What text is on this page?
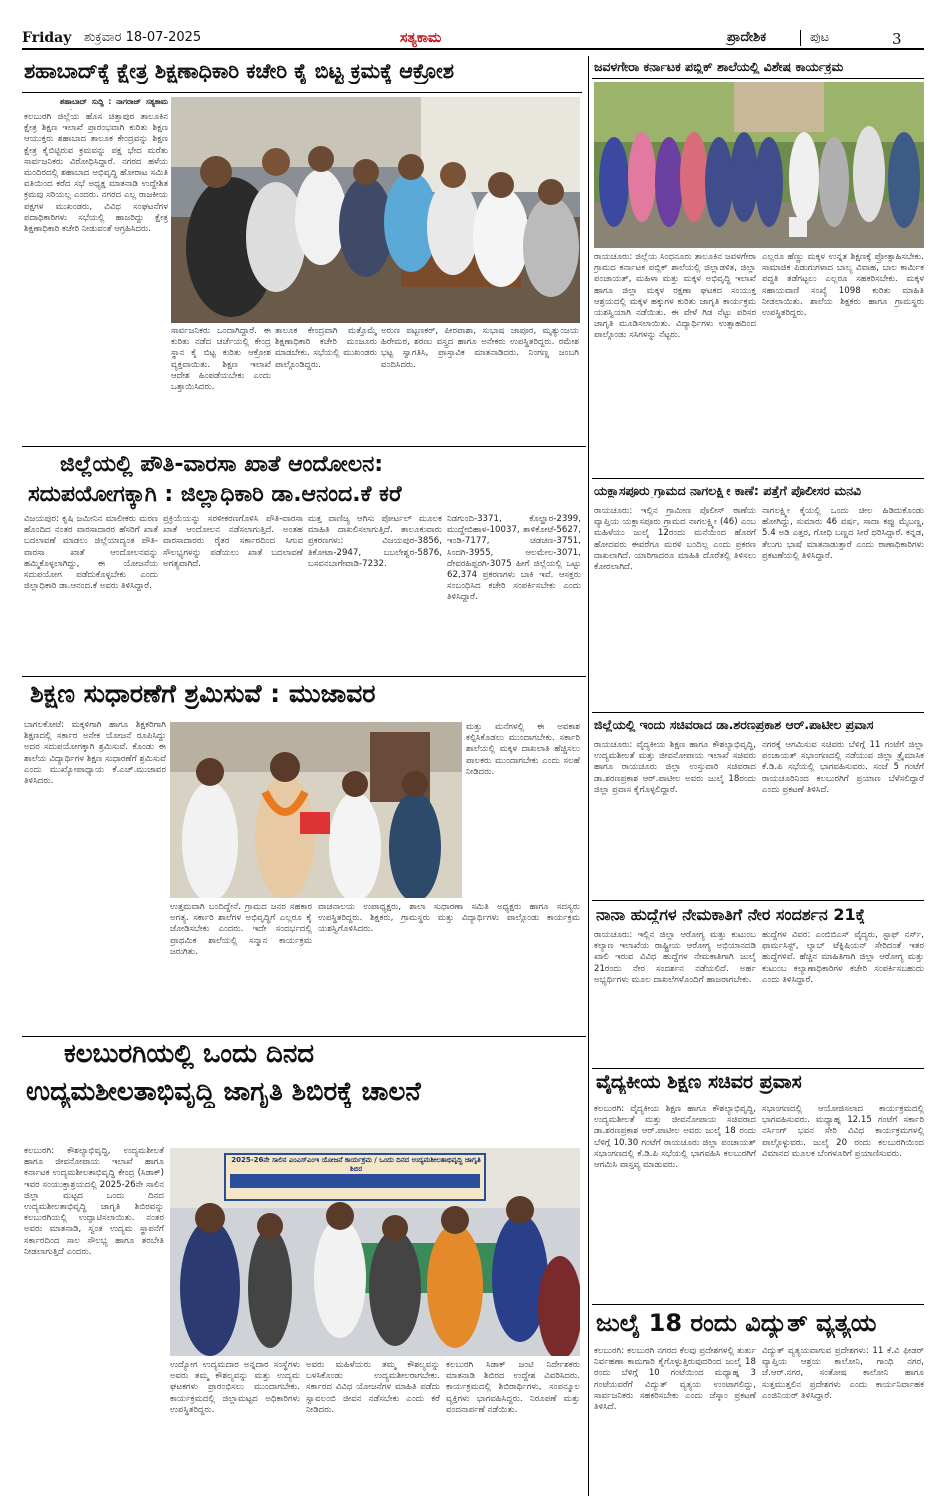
Friday ಶುಕ್ರವಾರ 18-07-2025	ಸತ್ಯಕಾಮ	ಪ್ರಾದೇಶಿಕ	ಪುಟ	3
ಶಹಾಬಾದ್‌ಕ್ಕೆ ಕ್ಷೇತ್ರ ಶಿಕ್ಷಣಾಧಿಕಾರಿ ಕಚೇರಿ ಕೈ ಬಿಟ್ಟ ಕ್ರಮಕ್ಕೆ ಆಕ್ರೋಶ
ಶಹಾಬಾದ್ ಸುದ್ದಿ : ನಾಗರಾಜ್ ಸತ್ಯಕಾಮ
ಕಲಬುರಗಿ ಜಿಲ್ಲೆಯ ಹೊಸ ಚಿತ್ತಾಪುರ ತಾಲೂಕಿನ ಕ್ಷೇತ್ರ ಶಿಕ್ಷಣ ಇಲಾಖೆ ಪ್ರಾರಂಭವಾಗಿ ಕುರಿತು ಶಿಕ್ಷಣ ಆಯುಕ್ತರು ಶಹಾಬಾದ ತಾಲೂಕ ಕೇಂದ್ರವನ್ನು ಶಿಕ್ಷಣ ಕ್ಷೇತ್ರ ಕೈಬಿಟ್ಟಿರುವ ಕ್ರಮವನ್ನು ಪಕ್ಷ ಭೇದ ಮರೆತು ಸಾರ್ವಜನಿಕರು ವಿರೋಧಿಸಿದ್ದಾರೆ. ನಗರದ ಹಳೆಯ ಮಂದಿರದಲ್ಲಿ ಶಹಾಬಾದ ಅಭಿವೃದ್ಧಿ ಹೋರಾಟ ಸಮಿತಿ ವತಿಯಿಂದ ಕರೆದ ಸಭೆ ಅಧ್ಯಕ್ಷ ಮಾತನಾಡಿ ಉದ್ದೇಶಿತ ಕ್ರಮವು ಸರಿಯಲ್ಲ ಎಂದರು. ನಗರದ ಎಲ್ಲ ರಾಜಕೀಯ ಪಕ್ಷಗಳ ಮುಖಂಡರು, ವಿವಿಧ ಸಂಘಟನೆಗಳ ಪದಾಧಿಕಾರಿಗಳು ಸಭೆಯಲ್ಲಿ ಹಾಜರಿದ್ದು ಕ್ಷೇತ್ರ ಶಿಕ್ಷಣಾಧಿಕಾರಿ ಕಚೇರಿ ನೀಡುವಂತೆ ಆಗ್ರಹಿಸಿದರು.
ಸಾರ್ವಜನಿಕರು ಒಂದಾಗಿದ್ದಾರೆ. ಈ ಕುರಿತು ನಡೆದ ಚರ್ಚೆಯಲ್ಲಿ ಕೇಂದ್ರ ಸ್ಥಾನ ಕೈ ಬಿಟ್ಟ ಕುರಿತು ಆಕ್ರೋಶ ವ್ಯಕ್ತವಾಯಿತು. ಶಿಕ್ಷಣ ಇಲಾಖೆ ಆದೇಶ ಹಿಂಪಡೆಯಬೇಕು ಎಂದು ಒತ್ತಾಯಿಸಿದರು.
ತಾಲೂಕ ಕೇಂದ್ರವಾಗಿ ಮತ್ತೊಮ್ಮೆ ಶಿಕ್ಷಣಾಧಿಕಾರಿ ಕಚೇರಿ ಮಂಜೂರು ಮಾಡಬೇಕು. ಸಭೆಯಲ್ಲಿ ಮುಖಂಡರು ಪಾಲ್ಗೊಂಡಿದ್ದರು.
ಅರುಣ ಪಟ್ಟಣಕರ್, ಪೀರಪಾಶಾ, ಸುಭಾಷ ಜಾಪೂರ, ಮೃತ್ಯುಂಜಯ ಹಿರೇಮಠ, ಶರಣು ವಸ್ತ್ರದ ಹಾಗೂ ಅನೇಕರು ಉಪಸ್ಥಿತರಿದ್ದರು. ರಮೇಶ ಭಟ್ಟ ಸ್ವಾಗತಿಸಿ, ಪ್ರಾಸ್ತಾವಿಕ ಮಾತನಾಡಿದರು. ನಿಂಗಣ್ಣ ಜಂಬಗಿ ವಂದಿಸಿದರು.
ಜವಳಗೇರಾ ಕರ್ನಾಟಕ ಪಬ್ಲಿಕ್ ಶಾಲೆಯಲ್ಲಿ ವಿಶೇಷ ಕಾರ್ಯಕ್ರಮ
ರಾಯಚೂರು: ಜಿಲ್ಲೆಯ ಸಿಂಧನೂರು ತಾಲೂಕಿನ ಜವಳಗೇರಾ ಗ್ರಾಮದ ಕರ್ನಾಟಕ ಪಬ್ಲಿಕ್ ಶಾಲೆಯಲ್ಲಿ ಜಿಲ್ಲಾಡಳಿತ, ಜಿಲ್ಲಾ ಪಂಚಾಯತ್, ಮಹಿಳಾ ಮತ್ತು ಮಕ್ಕಳ ಅಭಿವೃದ್ಧಿ ಇಲಾಖೆ ಹಾಗೂ ಜಿಲ್ಲಾ ಮಕ್ಕಳ ರಕ್ಷಣಾ ಘಟಕದ ಸಂಯುಕ್ತ ಆಶ್ರಯದಲ್ಲಿ ಮಕ್ಕಳ ಹಕ್ಕುಗಳ ಕುರಿತು ಜಾಗೃತಿ ಕಾರ್ಯಕ್ರಮ ಯಶಸ್ವಿಯಾಗಿ ನಡೆಯಿತು. ಈ ವೇಳೆ ಗಿಡ ನೆಟ್ಟು ಪರಿಸರ ಜಾಗೃತಿ ಮೂಡಿಸಲಾಯಿತು. ವಿದ್ಯಾರ್ಥಿಗಳು ಉತ್ಸಾಹದಿಂದ ಪಾಲ್ಗೊಂಡು ಸಸಿಗಳನ್ನು ನೆಟ್ಟರು.
ಎಲ್ಲರೂ ಹೆಣ್ಣು ಮಕ್ಕಳ ಉನ್ನತ ಶಿಕ್ಷಣಕ್ಕೆ ಪ್ರೋತ್ಸಾಹಿಸಬೇಕು. ಸಾಮಾಜಿಕ ಪಿಡುಗುಗಳಾದ ಬಾಲ್ಯ ವಿವಾಹ, ಬಾಲ ಕಾರ್ಮಿಕ ಪದ್ಧತಿ ತಡೆಗಟ್ಟಲು ಎಲ್ಲರೂ ಸಹಕರಿಸಬೇಕು. ಮಕ್ಕಳ ಸಹಾಯವಾಣಿ ಸಂಖ್ಯೆ 1098 ಕುರಿತು ಮಾಹಿತಿ ನೀಡಲಾಯಿತು. ಶಾಲೆಯ ಶಿಕ್ಷಕರು ಹಾಗೂ ಗ್ರಾಮಸ್ಥರು ಉಪಸ್ಥಿತರಿದ್ದರು.
ಜಿಲ್ಲೆಯಲ್ಲಿ ಪೌತಿ-ವಾರಸಾ ಖಾತೆ ಆಂದೋಲನ:
ಸದುಪಯೋಗಕ್ಕಾಗಿ : ಜಿಲ್ಲಾಧಿಕಾರಿ ಡಾ.ಆನಂದ.ಕೆ ಕರೆ
ವಿಜಯಪುರ: ಕೃಷಿ ಜಮೀನಿನ ಮಾಲೀಕರು ಮರಣ ಹೊಂದಿದ ನಂತರ ವಾರಸಾದಾರರ ಹೆಸರಿಗೆ ಖಾತೆ ಬದಲಾವಣೆ ಮಾಡಲು ಜಿಲ್ಲೆಯಾದ್ಯಂತ ಪೌತಿ-ವಾರಸಾ ಖಾತೆ ಆಂದೋಲನವನ್ನು ಹಮ್ಮಿಕೊಳ್ಳಲಾಗಿದ್ದು, ಈ ಯೋಜನೆಯ ಸದುಪಯೋಗ ಪಡೆದುಕೊಳ್ಳಬೇಕು ಎಂದು ಜಿಲ್ಲಾಧಿಕಾರಿ ಡಾ.ಆನಂದ.ಕೆ ಅವರು ತಿಳಿಸಿದ್ದಾರೆ.
ಪ್ರಕ್ರಿಯೆಯನ್ನು ಸರಳೀಕರಣಗೊಳಿಸಿ ಪೌತಿ-ವಾರಸಾ ಖಾತೆ ಆಂದೋಲನ ನಡೆಸಲಾಗುತ್ತಿದೆ. ಅಂತಹ ವಾರಸಾದಾರರು ರೈತರ ಸರ್ಕಾರದಿಂದ ಸಿಗುವ ಸೌಲಭ್ಯಗಳನ್ನು ಪಡೆಯಲು ಖಾತೆ ಬದಲಾವಣೆ ಅಗತ್ಯವಾಗಿದೆ.
ಮತ್ತ ವಾಣಿಜ್ಯ ಆಗಿಸು ಪೋರ್ಟಲ್ ಮೂಲಕ ಮಾಹಿತಿ ದಾಖಲಿಸಲಾಗುತ್ತಿದೆ. ತಾಲೂಕುವಾರು ಪ್ರಕರಣಗಳು: ವಿಜಯಪುರ-3856, ತಿಕೋಟಾ-2947, ಬಬಲೇಶ್ವರ-5876, ಬಸವನಬಾಗೇವಾಡಿ-7232.
ನಿಡಗುಂದಿ-3371, ಕೊಲ್ಹಾರ-2399, ಮುದ್ದೇಬಿಹಾಳ-10037, ತಾಳಿಕೋಟೆ-5627, ಇಂಡಿ-7177, ಚಡಚಣ-3751, ಸಿಂದಗಿ-3955, ಆಲಮೇಲ-3071, ದೇವರಹಿಪ್ಪರಗಿ-3075 ಹೀಗೆ ಜಿಲ್ಲೆಯಲ್ಲಿ ಒಟ್ಟು 62,374 ಪ್ರಕರಣಗಳು ಬಾಕಿ ಇವೆ. ಆಸಕ್ತರು ಸಂಬಂಧಿಸಿದ ಕಚೇರಿ ಸಂಪರ್ಕಿಸಬೇಕು ಎಂದು ತಿಳಿಸಿದ್ದಾರೆ.
ಯಕ್ಲಾಸಪೂರು ಗ್ರಾಮದ ನಾಗಲಕ್ಷ್ಮೀ ಕಾಣೆ: ಪತ್ತೆಗೆ ಪೊಲೀಸರ ಮನವಿ
ರಾಯಚೂರು: ಇಲ್ಲಿನ ಗ್ರಾಮೀಣ ಪೊಲೀಸ್ ಠಾಣೆಯ ವ್ಯಾಪ್ತಿಯ ಯಕ್ಲಾಸಪೂರು ಗ್ರಾಮದ ನಾಗಲಕ್ಷ್ಮೀ (46) ಎಂಬ ಮಹಿಳೆಯು ಜುಲೈ 12ರಂದು ಮನೆಯಿಂದ ಹೊರಗೆ ಹೋದವರು ಈವರೆಗೂ ಮರಳಿ ಬಂದಿಲ್ಲ ಎಂದು ಪ್ರಕರಣ ದಾಖಲಾಗಿದೆ. ಯಾರಿಗಾದರೂ ಮಾಹಿತಿ ದೊರೆತಲ್ಲಿ ತಿಳಿಸಲು ಕೋರಲಾಗಿದೆ.
ನಾಗಲಕ್ಷ್ಮೀ ಕೈಯಲ್ಲಿ ಒಂದು ಚೀಲ ಹಿಡಿದುಕೊಂಡು ಹೋಗಿದ್ದು, ಸುಮಾರು 46 ವರ್ಷ, ಸಾದಾ ಕಪ್ಪು ಮೈಬಣ್ಣ, 5.4 ಅಡಿ ಎತ್ತರ, ಗೋಧಿ ಬಣ್ಣದ ಸೀರೆ ಧರಿಸಿದ್ದಾರೆ. ಕನ್ನಡ, ತೆಲುಗು ಭಾಷೆ ಮಾತನಾಡುತ್ತಾರೆ ಎಂದು ಠಾಣಾಧಿಕಾರಿಗಳು ಪ್ರಕಟಣೆಯಲ್ಲಿ ತಿಳಿಸಿದ್ದಾರೆ.
ಶಿಕ್ಷಣ ಸುಧಾರಣೆಗೆ ಶ್ರಮಿಸುವೆ : ಮುಜಾವರ
ಬಾಗಲಕೋಟೆ: ಮಕ್ಕಳಿಗಾಗಿ ಹಾಗೂ ಶಿಕ್ಷಕರಿಗಾಗಿ ಶಿಕ್ಷಣದಲ್ಲಿ ಸರ್ಕಾರ ಅನೇಕ ಯೋಜನೆ ರೂಪಿಸಿದ್ದು ಅದರ ಸದುಪಯೋಗಕ್ಕಾಗಿ ಶ್ರಮಿಸುವೆ. ಕೊಂಡು ಈ ಶಾಲೆಯ ವಿದ್ಯಾರ್ಥಿಗಳ ಶಿಕ್ಷಣ ಸುಧಾರಣೆಗೆ ಶ್ರಮಿಸುವೆ ಎಂದು ಮುಖ್ಯೋಪಾಧ್ಯಾಯ ಕೆ.ಎಚ್.ಮುಜಾವರ ತಿಳಿಸಿದರು.
ಮತ್ತು ಮನೆಗಳಲ್ಲಿ ಈ ಅವಕಾಶ ಕಲ್ಪಿಸಿಕೊಡಲು ಮುಂದಾಗಬೇಕು. ಸರ್ಕಾರಿ ಶಾಲೆಯಲ್ಲಿ ಮಕ್ಕಳ ದಾಖಲಾತಿ ಹೆಚ್ಚಿಸಲು ಪಾಲಕರು ಮುಂದಾಗಬೇಕು ಎಂದು ಸಲಹೆ ನೀಡಿದರು.
ಉತ್ತಮವಾಗಿ ಬಂದಿದ್ದೇನೆ. ಗ್ರಾಮದ ಜನರ ಸಹಕಾರ ಅಗತ್ಯ. ಸರ್ಕಾರಿ ಶಾಲೆಗಳ ಅಭಿವೃದ್ಧಿಗೆ ಎಲ್ಲರೂ ಕೈ ಜೋಡಿಸಬೇಕು ಎಂದರು. ಇದೇ ಸಂದರ್ಭದಲ್ಲಿ ಪ್ರಾಥಮಿಕ ಶಾಲೆಯಲ್ಲಿ ಸನ್ಮಾನ ಕಾರ್ಯಕ್ರಮ ಜರುಗಿತು.
ವಾಚನಾಲಯ ಉಪಾಧ್ಯಕ್ಷರು, ಶಾಲಾ ಸುಧಾರಣಾ ಸಮಿತಿ ಅಧ್ಯಕ್ಷರು ಹಾಗೂ ಸದಸ್ಯರು ಉಪಸ್ಥಿತರಿದ್ದರು. ಶಿಕ್ಷಕರು, ಗ್ರಾಮಸ್ಥರು ಮತ್ತು ವಿದ್ಯಾರ್ಥಿಗಳು ಪಾಲ್ಗೊಂಡು ಕಾರ್ಯಕ್ರಮ ಯಶಸ್ವಿಗೊಳಿಸಿದರು.
ಜಿಲ್ಲೆಯಲ್ಲಿ ಇಂದು ಸಚಿವರಾದ ಡಾ.ಶರಣಪ್ರಕಾಶ ಆರ್.ಪಾಟೀಲ ಪ್ರವಾಸ
ರಾಯಚೂರು: ವೈದ್ಯಕೀಯ ಶಿಕ್ಷಣ ಹಾಗೂ ಕೌಶಲ್ಯಾಭಿವೃದ್ಧಿ, ಉದ್ಯಮಶೀಲತೆ ಮತ್ತು ಜೀವನೋಪಾಯ ಇಲಾಖೆ ಸಚಿವರು ಹಾಗೂ ರಾಯಚೂರು ಜಿಲ್ಲಾ ಉಸ್ತುವಾರಿ ಸಚಿವರಾದ ಡಾ.ಶರಣಪ್ರಕಾಶ ಆರ್.ಪಾಟೀಲ ಅವರು ಜುಲೈ 18ರಂದು ಜಿಲ್ಲಾ ಪ್ರವಾಸ ಕೈಗೊಳ್ಳಲಿದ್ದಾರೆ.
ನಗರಕ್ಕೆ ಆಗಮಿಸುವ ಸಚಿವರು ಬೆಳಿಗ್ಗೆ 11 ಗಂಟೆಗೆ ಜಿಲ್ಲಾ ಪಂಚಾಯತ್ ಸಭಾಂಗಣದಲ್ಲಿ ನಡೆಯುವ ಜಿಲ್ಲಾ ತ್ರೈಮಾಸಿಕ ಕೆ.ಡಿ.ಪಿ ಸಭೆಯಲ್ಲಿ ಭಾಗವಹಿಸುವರು. ಸಂಜೆ 5 ಗಂಟೆಗೆ ರಾಯಚೂರಿನಿಂದ ಕಲಬುರಗಿಗೆ ಪ್ರಯಾಣ ಬೆಳೆಸಲಿದ್ದಾರೆ ಎಂದು ಪ್ರಕಟಣೆ ತಿಳಿಸಿದೆ.
ನಾನಾ ಹುದ್ದೆಗಳ ನೇಮಕಾತಿಗೆ ನೇರ ಸಂದರ್ಶನ 21ಕ್ಕೆ
ರಾಯಚೂರು: ಇಲ್ಲಿನ ಜಿಲ್ಲಾ ಆರೋಗ್ಯ ಮತ್ತು ಕುಟುಂಬ ಕಲ್ಯಾಣ ಇಲಾಖೆಯ ರಾಷ್ಟ್ರೀಯ ಆರೋಗ್ಯ ಅಭಿಯಾನದಡಿ ಖಾಲಿ ಇರುವ ವಿವಿಧ ಹುದ್ದೆಗಳ ನೇಮಕಾತಿಗಾಗಿ ಜುಲೈ 21ರಂದು ನೇರ ಸಂದರ್ಶನ ನಡೆಯಲಿದೆ. ಅರ್ಹ ಅಭ್ಯರ್ಥಿಗಳು ಮೂಲ ದಾಖಲೆಗಳೊಂದಿಗೆ ಹಾಜರಾಗಬೇಕು.
ಹುದ್ದೆಗಳ ವಿವರ: ಎಂಬಿಬಿಎಸ್ ವೈದ್ಯರು, ಸ್ಟಾಫ್ ನರ್ಸ್, ಫಾರ್ಮಸಿಸ್ಟ್, ಲ್ಯಾಬ್ ಟೆಕ್ನಿಷಿಯನ್ ಸೇರಿದಂತೆ ಇತರ ಹುದ್ದೆಗಳಿವೆ. ಹೆಚ್ಚಿನ ಮಾಹಿತಿಗಾಗಿ ಜಿಲ್ಲಾ ಆರೋಗ್ಯ ಮತ್ತು ಕುಟುಂಬ ಕಲ್ಯಾಣಾಧಿಕಾರಿಗಳ ಕಚೇರಿ ಸಂಪರ್ಕಿಸಬಹುದು ಎಂದು ತಿಳಿಸಿದ್ದಾರೆ.
ಕಲಬುರಗಿಯಲ್ಲಿ ಒಂದು ದಿನದ
ಉದ್ಯಮಶೀಲತಾಭಿವೃದ್ಧಿ ಜಾಗೃತಿ ಶಿಬಿರಕ್ಕೆ ಚಾಲನೆ
ಕಲಬುರಗಿ: ಕೌಶಲ್ಯಾಭಿವೃದ್ಧಿ, ಉದ್ಯಮಶೀಲತೆ ಹಾಗೂ ಜೀವನೋಪಾಯ ಇಲಾಖೆ ಹಾಗೂ ಕರ್ನಾಟಕ ಉದ್ಯಮಶೀಲತಾಭಿವೃದ್ಧಿ ಕೇಂದ್ರ (ಸಿಡಾಕ್) ಇವರ ಸಂಯುಕ್ತಾಶ್ರಯದಲ್ಲಿ 2025-26ನೇ ಸಾಲಿನ ಜಿಲ್ಲಾ ಮಟ್ಟದ ಒಂದು ದಿನದ ಉದ್ಯಮಶೀಲತಾಭಿವೃದ್ಧಿ ಜಾಗೃತಿ ಶಿಬಿರವನ್ನು ಕಲಬುರಗಿಯಲ್ಲಿ ಉದ್ಘಾಟಿಸಲಾಯಿತು. ನಂತರ ಅವರು ಮಾತನಾಡಿ, ಸ್ವಂತ ಉದ್ಯಮ ಸ್ಥಾಪನೆಗೆ ಸರ್ಕಾರದಿಂದ ಸಾಲ ಸೌಲಭ್ಯ ಹಾಗೂ ತರಬೇತಿ ನೀಡಲಾಗುತ್ತಿದೆ ಎಂದರು.
2025-26ನೇ ಸಾಲಿನ ಎಂಎಸ್‌ಎಂಇ ಯೋಜನೆ ಕಾರ್ಯಕ್ರಮ / ಒಂದು ದಿನದ ಉದ್ಯಮಶೀಲತಾಭಿವೃದ್ಧಿ ಜಾಗೃತಿ ಶಿಬಿರ
ಉದ್ಯೋಗ ಉದ್ಯಮದಾರ ಅನ್ನದಾರ ಸಂಸ್ಥೆಗಳು ಅವರು ತಮ್ಮ ಕೌಶಲ್ಯವನ್ನು ಮತ್ತು ಉದ್ಯಮ ಘಟಕಗಳು ಪ್ರಾರಂಭಿಸಲು ಮುಂದಾಗಬೇಕು. ಕಾರ್ಯಕ್ರಮದಲ್ಲಿ ಜಿಲ್ಲಾಮಟ್ಟದ ಅಧಿಕಾರಿಗಳು ಉಪಸ್ಥಿತರಿದ್ದರು.
ಅವರು ಮಹಿಳೆಯರು ತಮ್ಮ ಕೌಶಲ್ಯವನ್ನು ಬಳಸಿಕೊಂಡು ಉದ್ಯಮಶೀಲರಾಗಬೇಕು. ಸರ್ಕಾರದ ವಿವಿಧ ಯೋಜನೆಗಳ ಮಾಹಿತಿ ಪಡೆದು ಸ್ವಾವಲಂಬಿ ಜೀವನ ನಡೆಸಬೇಕು ಎಂದು ಕರೆ ನೀಡಿದರು.
ಕಲಬುರಗಿ ಸಿಡಾಕ್ ಜಂಟಿ ನಿರ್ದೇಶಕರು ಮಾತನಾಡಿ ಶಿಬಿರದ ಉದ್ದೇಶ ವಿವರಿಸಿದರು. ಕಾರ್ಯಕ್ರಮದಲ್ಲಿ ಶಿಬಿರಾರ್ಥಿಗಳು, ಸಂಪನ್ಮೂಲ ವ್ಯಕ್ತಿಗಳು ಭಾಗವಹಿಸಿದ್ದರು. ನಿರೂಪಣೆ ಮತ್ತು ವಂದನಾರ್ಪಣೆ ನಡೆಯಿತು.
ವೈದ್ಯಕೀಯ ಶಿಕ್ಷಣ ಸಚಿವರ ಪ್ರವಾಸ
ಕಲಬುರಗಿ: ವೈದ್ಯಕೀಯ ಶಿಕ್ಷಣ ಹಾಗೂ ಕೌಶಲ್ಯಾಭಿವೃದ್ಧಿ, ಉದ್ಯಮಶೀಲತೆ ಮತ್ತು ಜೀವನೋಪಾಯ ಸಚಿವರಾದ ಡಾ.ಶರಣಪ್ರಕಾಶ ಆರ್.ಪಾಟೀಲ ಅವರು ಜುಲೈ 18 ರಂದು ಬೆಳಿಗ್ಗೆ 10.30 ಗಂಟೆಗೆ ರಾಯಚೂರು ಜಿಲ್ಲಾ ಪಂಚಾಯತ್ ಸಭಾಂಗಣದಲ್ಲಿ ಕೆ.ಡಿ.ಪಿ ಸಭೆಯಲ್ಲಿ ಭಾಗವಹಿಸಿ ಕಲಬುರಗಿಗೆ ಆಗಮಿಸಿ ವಾಸ್ತವ್ಯ ಮಾಡುವರು.
ಸಭಾಂಗಣದಲ್ಲಿ ಆಯೋಜಿಸಲಾದ ಕಾರ್ಯಕ್ರಮದಲ್ಲಿ ಭಾಗವಹಿಸುವರು. ಮಧ್ಯಾಹ್ನ 12.15 ಗಂಟೆಗೆ ಸರ್ಕಾರಿ ನರ್ಸಿಂಗ್ ಭವನ ಸೇರಿ ವಿವಿಧ ಕಾರ್ಯಕ್ರಮಗಳಲ್ಲಿ ಪಾಲ್ಗೊಳ್ಳುವರು. ಜುಲೈ 20 ರಂದು ಕಲಬುರಗಿಯಿಂದ ವಿಮಾನದ ಮೂಲಕ ಬೆಂಗಳೂರಿಗೆ ಪ್ರಯಾಣಿಸುವರು.
ಜುಲೈ 18 ರಂದು ವಿದ್ಯುತ್ ವ್ಯತ್ಯಯ
ಕಲಬುರಗಿ: ಕಲಬುರಗಿ ನಗರದ ಕೆಲವು ಪ್ರದೇಶಗಳಲ್ಲಿ ತುರ್ತು ನಿರ್ವಹಣಾ ಕಾಮಗಾರಿ ಕೈಗೊಳ್ಳುತ್ತಿರುವುದರಿಂದ ಜುಲೈ 18 ರಂದು ಬೆಳಿಗ್ಗೆ 10 ಗಂಟೆಯಿಂದ ಮಧ್ಯಾಹ್ನ 3 ಗಂಟೆಯವರೆಗೆ ವಿದ್ಯುತ್ ವ್ಯತ್ಯಯ ಉಂಟಾಗಲಿದ್ದು, ಸಾರ್ವಜನಿಕರು ಸಹಕರಿಸಬೇಕು ಎಂದು ಜೆಸ್ಕಾಂ ಪ್ರಕಟಣೆ ತಿಳಿಸಿದೆ.
ವಿದ್ಯುತ್ ವ್ಯತ್ಯಯವಾಗುವ ಪ್ರದೇಶಗಳು: 11 ಕೆ.ವಿ ಫೀಡರ್ ವ್ಯಾಪ್ತಿಯ ಆಶ್ರಯ ಕಾಲೋನಿ, ಗಾಂಧಿ ನಗರ, ಜೆ.ಆರ್.ನಗರ, ಸಂತೋಷ ಕಾಲೋನಿ ಹಾಗೂ ಸುತ್ತಮುತ್ತಲಿನ ಪ್ರದೇಶಗಳು ಎಂದು ಕಾರ್ಯನಿರ್ವಾಹಕ ಎಂಜಿನಿಯರ್ ತಿಳಿಸಿದ್ದಾರೆ.
